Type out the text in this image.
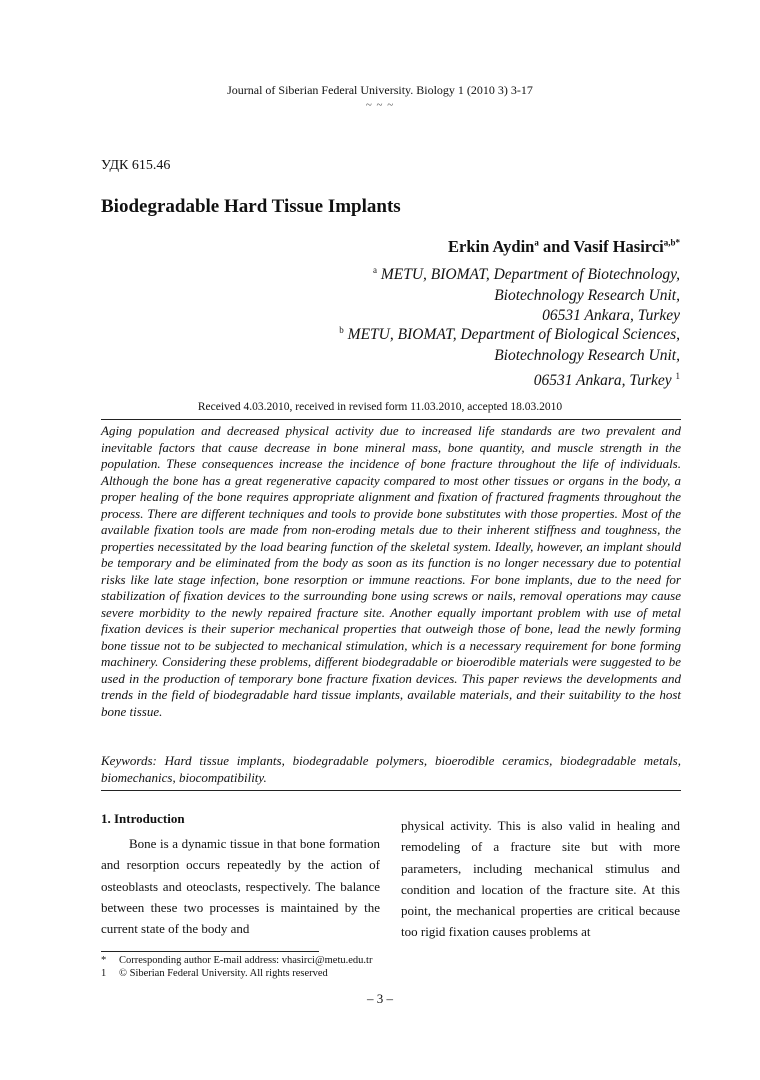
Journal of Siberian Federal University. Biology 1 (2010 3) 3-17
~ ~ ~
УДК 615.46
Biodegradable Hard Tissue Implants
Erkin Aydin$^a$ and Vasif Hasirci$^{a,b*}$
$^a$ METU, BIOMAT, Department of Biotechnology,
Biotechnology Research Unit,
06531 Ankara, Turkey
$^b$ METU, BIOMAT, Department of Biological Sciences,
Biotechnology Research Unit,
06531 Ankara, Turkey $^1$
Received 4.03.2010, received in revised form 11.03.2010, accepted 18.03.2010
Aging population and decreased physical activity due to increased life standards are two prevalent and inevitable factors that cause decrease in bone mineral mass, bone quantity, and muscle strength in the population. These consequences increase the incidence of bone fracture throughout the life of individuals. Although the bone has a great regenerative capacity compared to most other tissues or organs in the body, a proper healing of the bone requires appropriate alignment and fixation of fractured fragments throughout the process. There are different techniques and tools to provide bone substitutes with those properties. Most of the available fixation tools are made from non-eroding metals due to their inherent stiffness and toughness, the properties necessitated by the load bearing function of the skeletal system. Ideally, however, an implant should be temporary and be eliminated from the body as soon as its function is no longer necessary due to potential risks like late stage infection, bone resorption or immune reactions. For bone implants, due to the need for stabilization of fixation devices to the surrounding bone using screws or nails, removal operations may cause severe morbidity to the newly repaired fracture site. Another equally important problem with use of metal fixation devices is their superior mechanical properties that outweigh those of bone, lead the newly forming bone tissue not to be subjected to mechanical stimulation, which is a necessary requirement for bone forming machinery. Considering these problems, different biodegradable or bioerodible materials were suggested to be used in the production of temporary bone fracture fixation devices. This paper reviews the developments and trends in the field of biodegradable hard tissue implants, available materials, and their suitability to the host bone tissue.
Keywords: Hard tissue implants, biodegradable polymers, bioerodible ceramics, biodegradable metals, biomechanics, biocompatibility.
1. Introduction

Bone is a dynamic tissue in that bone formation and resorption occurs repeatedly by the action of osteoblasts and oteoclasts, respectively. The balance between these two processes is maintained by the current state of the body and

physical activity. This is also valid in healing and remodeling of a fracture site but with more parameters, including mechanical stimulus and condition and location of the fracture site. At this point, the mechanical properties are critical because too rigid fixation causes problems at

* Corresponding author E-mail address: vhasirci@metu.edu.tr
1 © Siberian Federal University. All rights reserved
– 3 –
